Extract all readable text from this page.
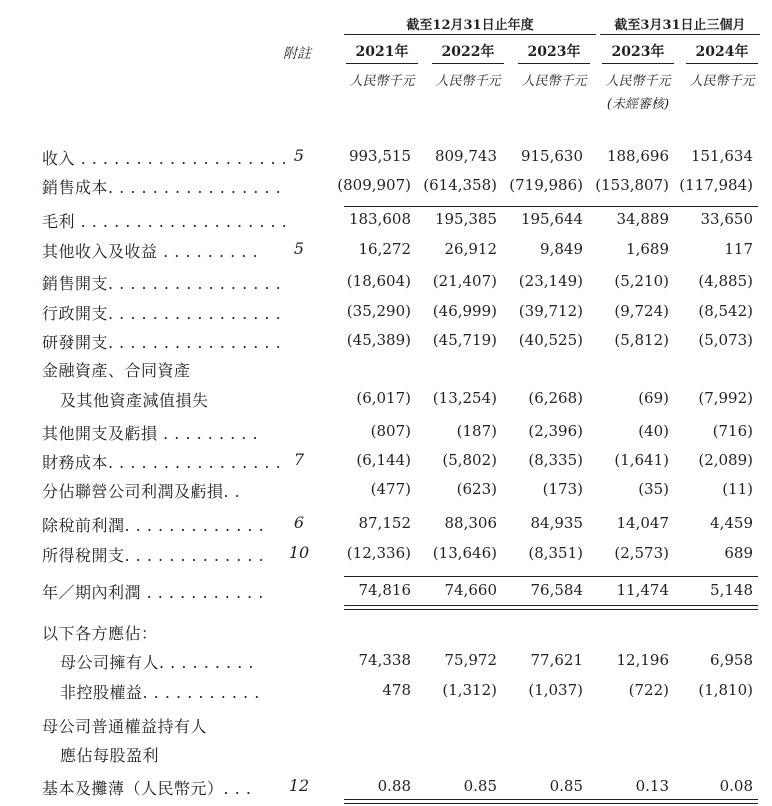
截至12月31日止年度	截至3月31日止三個月
附註	2021年	2022年	2023年	2023年	2024年
人民幣千元	人民幣千元	人民幣千元	人民幣千元	人民幣千元
(未經審核)
收入 . . . . . . . . . . . . . . . . . . . 5	993,515	809,743	915,630	188,696	151,634
銷售成本. . . . . . . . . . . . . . . .	(809,907) (614,358) (719,986) (153,807) (117,984)
毛利 . . . . . . . . . . . . . . . . . . .	183,608	195,385	195,644	34,889	33,650
其他收入及收益 . . . . . . . . .	5	16,272	26,912	9,849	1,689	117
銷售開支. . . . . . . . . . . . . . . .	(18,604)	(21,407)	(23,149)	(5,210)	(4,885)
行政開支. . . . . . . . . . . . . . . .	(35,290)	(46,999)	(39,712)	(9,724)	(8,542)
研發開支. . . . . . . . . . . . . . . .	(45,389)	(45,719)	(40,525)	(5,812)	(5,073)
金融資產、合同資產
及其他資產減值損失	(6,017)	(13,254)	(6,268)	(69)	(7,992)
其他開支及虧損 . . . . . . . . .	(807)	(187)	(2,396)	(40)	(716)
財務成本. . . . . . . . . . . . . . . . 7	(6,144)	(5,802)	(8,335)	(1,641)	(2,089)
分佔聯營公司利潤及虧損. .	(477)	(623)	(173)	(35)	(11)
除稅前利潤. . . . . . . . . . . . .	6	87,152	88,306	84,935	14,047	4,459
所得稅開支. . . . . . . . . . . . .	10	(12,336)	(13,646)	(8,351)	(2,573)	689
年／期內利潤 . . . . . . . . . . .	74,816	74,660	76,584	11,474	5,148
以下各方應佔：
母公司擁有人. . . . . . . . .	74,338	75,972	77,621	12,196	6,958
非控股權益. . . . . . . . . . .	478	(1,312)	(1,037)	(722)	(1,810)
母公司普通權益持有人
應佔每股盈利
基本及攤薄（人民幣元）. . .	12	0.88	0.85	0.85	0.13	0.08
